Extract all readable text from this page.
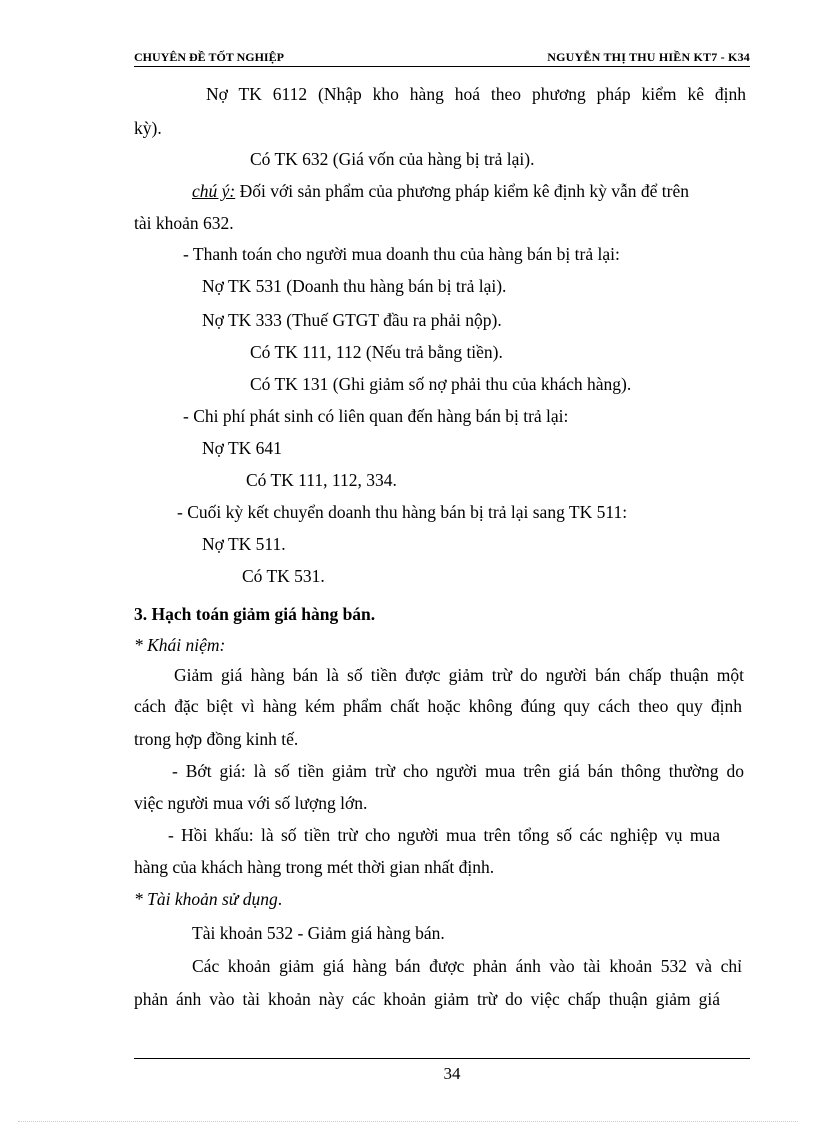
CHUYÊN ĐỀ TỐT NGHIỆP	NGUYỄN THỊ THU HIỀN KT7 - K34
Nợ TK 6112 (Nhập kho hàng hoá theo phương pháp kiểm kê định
kỳ).
Có TK 632 (Giá vốn của hàng bị trả lại).
chú ý: Đối với sản phẩm của phương pháp kiểm kê định kỳ vẫn để trên
tài khoản 632.
- Thanh toán cho người mua doanh thu của hàng bán bị trả lại:
Nợ TK 531 (Doanh thu hàng bán bị trả lại).
Nợ TK 333 (Thuế GTGT đầu ra phải nộp).
Có TK 111, 112 (Nếu trả bằng tiền).
Có TK 131 (Ghi giảm số nợ phải thu của khách hàng).
- Chi phí phát sinh có liên quan đến hàng bán bị trả lại:
Nợ TK 641
Có TK 111, 112, 334.
- Cuối kỳ kết chuyển doanh thu hàng bán bị trả lại sang TK 511:
Nợ TK 511.
Có TK 531.
3. Hạch toán giảm giá hàng bán.
* Khái niệm:
Giảm giá hàng bán là số tiền được giảm trừ do người bán chấp thuận một
cách đặc biệt vì hàng kém phẩm chất hoặc không đúng quy cách theo quy định
trong hợp đồng kinh tế.
- Bớt giá: là số tiền giảm trừ cho người mua trên giá bán thông thường do
việc người mua với số lượng lớn.
- Hồi khấu: là số tiền trừ cho người mua trên tổng số các nghiệp vụ mua
hàng của khách hàng trong mét thời gian nhất định.
* Tài khoản sử dụng.
Tài khoản 532 - Giảm giá hàng bán.
Các khoản giảm giá hàng bán được phản ánh vào tài khoản 532 và chỉ
phản ánh vào tài khoản này các khoản giảm trừ do việc chấp thuận giảm giá
34
